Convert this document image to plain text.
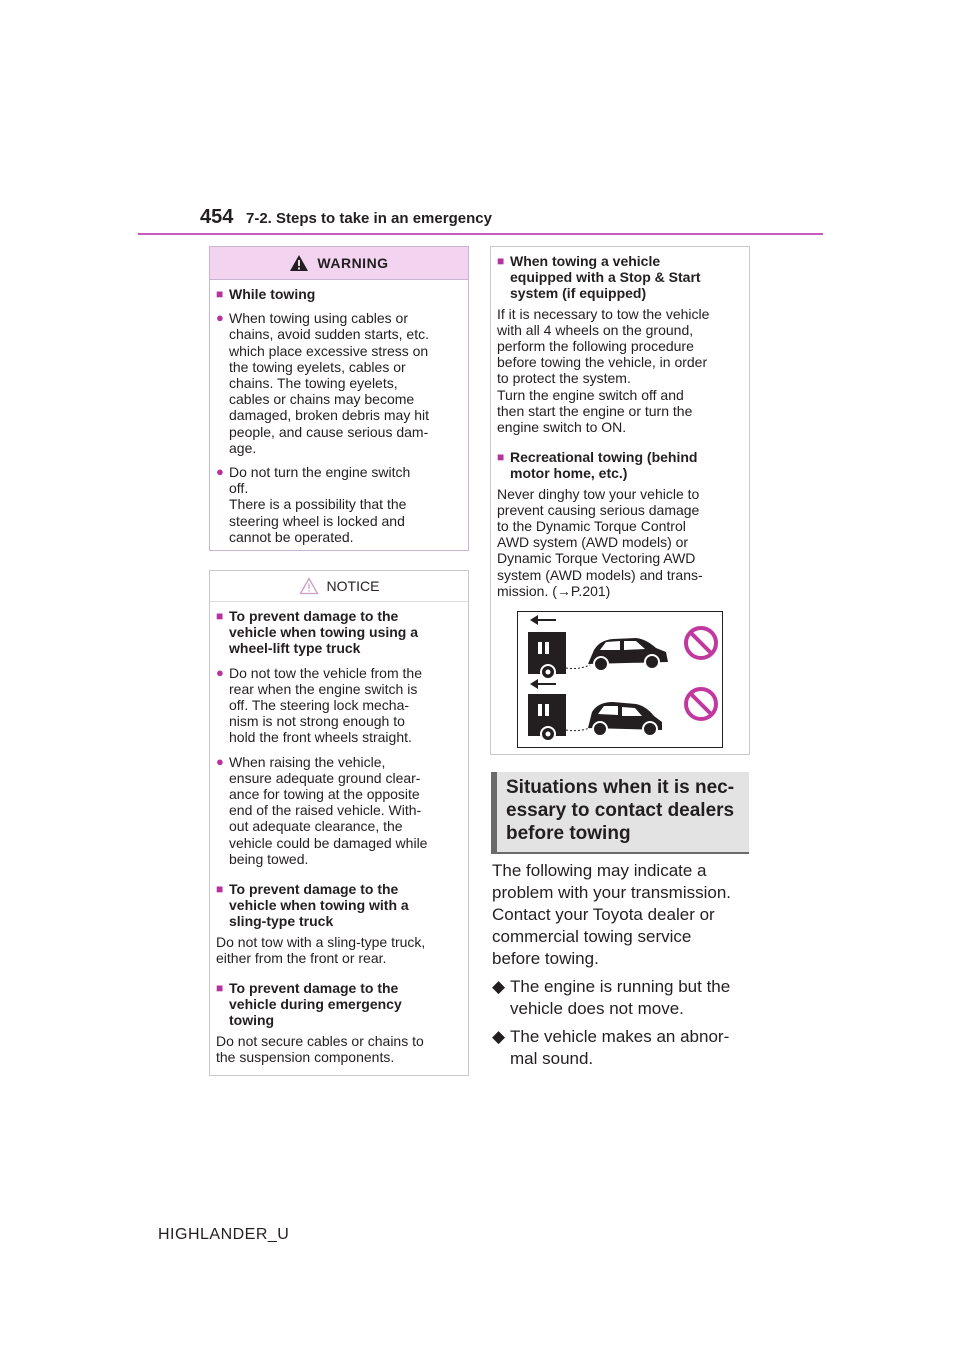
454 7-2. Steps to take in an emergency
WARNING
■ While towing
● When towing using cables or
chains, avoid sudden starts, etc.
which place excessive stress on
the towing eyelets, cables or
chains. The towing eyelets,
cables or chains may become
damaged, broken debris may hit
people, and cause serious dam-
age.
● Do not turn the engine switch
off.
There is a possibility that the
steering wheel is locked and
cannot be operated.
NOTICE
■ To prevent damage to the
vehicle when towing using a
wheel-lift type truck
● Do not tow the vehicle from the
rear when the engine switch is
off. The steering lock mecha-
nism is not strong enough to
hold the front wheels straight.
● When raising the vehicle,
ensure adequate ground clear-
ance for towing at the opposite
end of the raised vehicle. With-
out adequate clearance, the
vehicle could be damaged while
being towed.
■ To prevent damage to the
vehicle when towing with a
sling-type truck
Do not tow with a sling-type truck,
either from the front or rear.
■ To prevent damage to the
vehicle during emergency
towing
Do not secure cables or chains to
the suspension components.
■ When towing a vehicle
equipped with a Stop & Start
system (if equipped)
If it is necessary to tow the vehicle
with all 4 wheels on the ground,
perform the following procedure
before towing the vehicle, in order
to protect the system.
Turn the engine switch off and
then start the engine or turn the
engine switch to ON.
■ Recreational towing (behind
motor home, etc.)
Never dinghy tow your vehicle to
prevent causing serious damage
to the Dynamic Torque Control
AWD system (AWD models) or
Dynamic Torque Vectoring AWD
system (AWD models) and trans-
mission. (→P.201)
Situations when it is nec-
essary to contact dealers
before towing
The following may indicate a
problem with your transmission.
Contact your Toyota dealer or
commercial towing service
before towing.
◆ The engine is running but the
vehicle does not move.
◆ The vehicle makes an abnor-
mal sound.
HIGHLANDER_U
